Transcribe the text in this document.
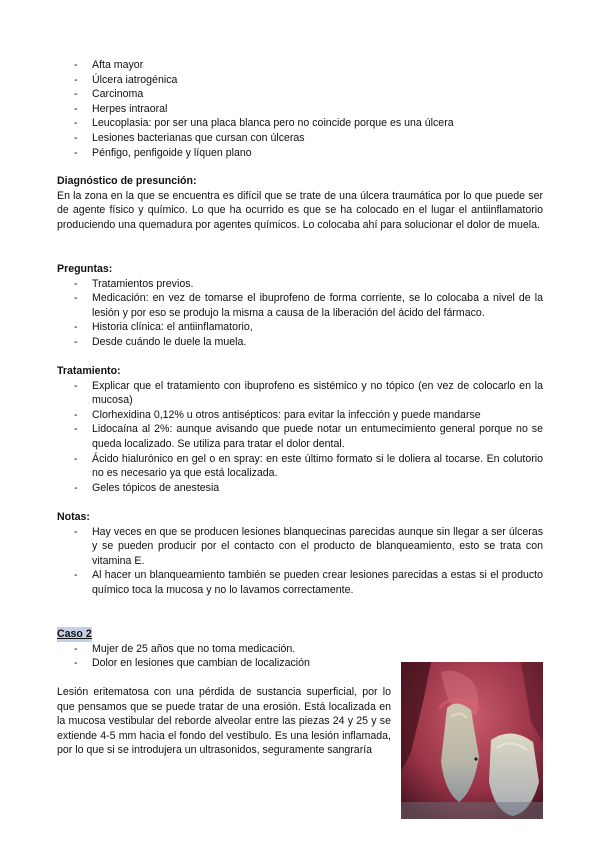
- Afta mayor
- Úlcera iatrogénica
- Carcinoma
- Herpes intraoral
- Leucoplasia: por ser una placa blanca pero no coincide porque es una úlcera
- Lesiones bacterianas que cursan con úlceras
- Pénfigo, penfigoide y líquen plano

Diagnóstico de presunción:

En la zona en la que se encuentra es difícil que se trate de una úlcera traumática por lo que puede ser de agente físico y químico. Lo que ha ocurrido es que se ha colocado en el lugar el antiinflamatorio produciendo una quemadura por agentes químicos. Lo colocaba ahí para solucionar el dolor de muela.

Preguntas:

- Tratamientos previos.
- Medicación: en vez de tomarse el ibuprofeno de forma corriente, se lo colocaba a nivel de la lesión y por eso se produjo la misma a causa de la liberación del ácido del fármaco.
- Historia clínica: el antiinflamatorio,
- Desde cuándo le duele la muela.

Tratamiento:

- Explicar que el tratamiento con ibuprofeno es sistémico y no tópico (en vez de colocarlo en la mucosa)
- Clorhexidina 0,12% u otros antisépticos: para evitar la infección y puede mandarse
- Lidocaína al 2%: aunque avisando que puede notar un entumecimiento general porque no se queda localizado. Se utiliza para tratar el dolor dental.
- Ácido hialurónico en gel o en spray: en este último formato si le doliera al tocarse. En colutorio no es necesario ya que está localizada.
- Geles tópicos de anestesia

Notas:

- Hay veces en que se producen lesiones blanquecinas parecidas aunque sin llegar a ser úlceras y se pueden producir por el contacto con el producto de blanqueamiento, esto se trata con vitamina E.
- Al hacer un blanqueamiento también se pueden crear lesiones parecidas a estas si el producto químico toca la mucosa y no lo lavamos correctamente.

Caso 2

- Mujer de 25 años que no toma medicación.
- Dolor en lesiones que cambian de localización

Lesión eritematosa con una pérdida de sustancia superficial, por lo que pensamos que se puede tratar de una erosión. Está localizada en la mucosa vestibular del reborde alveolar entre las piezas 24 y 25 y se extiende 4-5 mm hacia el fondo del vestíbulo. Es una lesión inflamada, por lo que si se introdujera un ultrasonidos, seguramente sangraría
